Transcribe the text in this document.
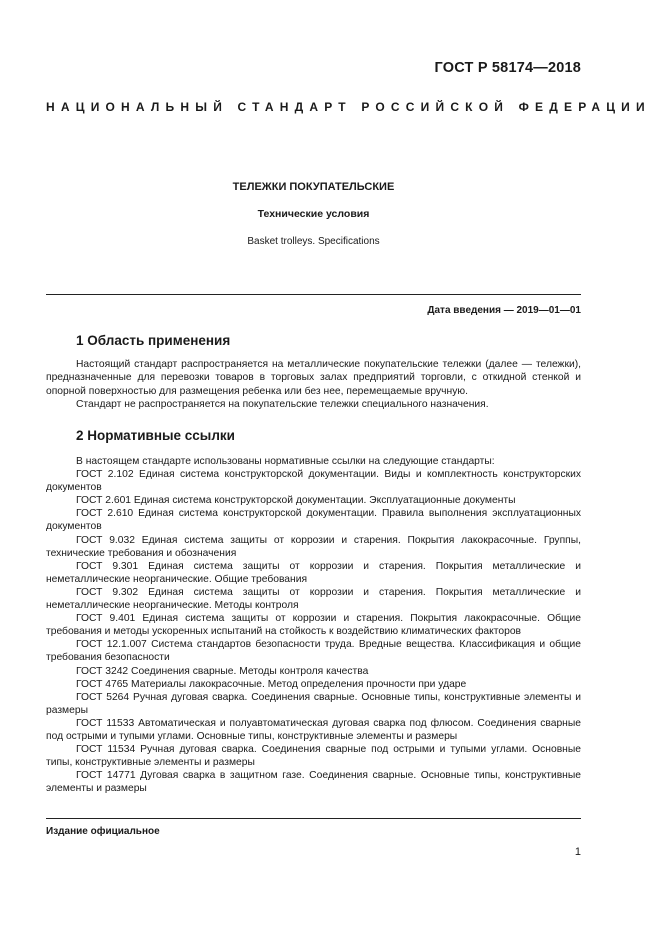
ГОСТ Р 58174—2018
НАЦИОНАЛЬНЫЙ СТАНДАРТ РОССИЙСКОЙ ФЕДЕРАЦИИ
ТЕЛЕЖКИ ПОКУПАТЕЛЬСКИЕ
Технические условия
Basket trolleys. Specifications
Дата введения — 2019—01—01
1 Область применения

Настоящий стандарт распространяется на металлические покупательские тележки (далее — тележки), предназначенные для перевозки товаров в торговых залах предприятий торговли, с откидной стенкой и опорной поверхностью для размещения ребенка или без нее, перемещаемые вручную.

Стандарт не распространяется на покупательские тележки специального назначения.

2 Нормативные ссылки

В настоящем стандарте использованы нормативные ссылки на следующие стандарты:

ГОСТ 2.102 Единая система конструкторской документации. Виды и комплектность конструкторских документов

ГОСТ 2.601 Единая система конструкторской документации. Эксплуатационные документы

ГОСТ 2.610 Единая система конструкторской документации. Правила выполнения эксплуатационных документов

ГОСТ 9.032 Единая система защиты от коррозии и старения. Покрытия лакокрасочные. Группы, технические требования и обозначения

ГОСТ 9.301 Единая система защиты от коррозии и старения. Покрытия металлические и неметаллические неорганические. Общие требования

ГОСТ 9.302 Единая система защиты от коррозии и старения. Покрытия металлические и неметаллические неорганические. Методы контроля

ГОСТ 9.401 Единая система защиты от коррозии и старения. Покрытия лакокрасочные. Общие требования и методы ускоренных испытаний на стойкость к воздействию климатических факторов

ГОСТ 12.1.007 Система стандартов безопасности труда. Вредные вещества. Классификация и общие требования безопасности

ГОСТ 3242 Соединения сварные. Методы контроля качества

ГОСТ 4765 Материалы лакокрасочные. Метод определения прочности при ударе

ГОСТ 5264 Ручная дуговая сварка. Соединения сварные. Основные типы, конструктивные элементы и размеры

ГОСТ 11533 Автоматическая и полуавтоматическая дуговая сварка под флюсом. Соединения сварные под острыми и тупыми углами. Основные типы, конструктивные элементы и размеры

ГОСТ 11534 Ручная дуговая сварка. Соединения сварные под острыми и тупыми углами. Основные типы, конструктивные элементы и размеры

ГОСТ 14771 Дуговая сварка в защитном газе. Соединения сварные. Основные типы, конструктивные элементы и размеры

Издание официальное
1
